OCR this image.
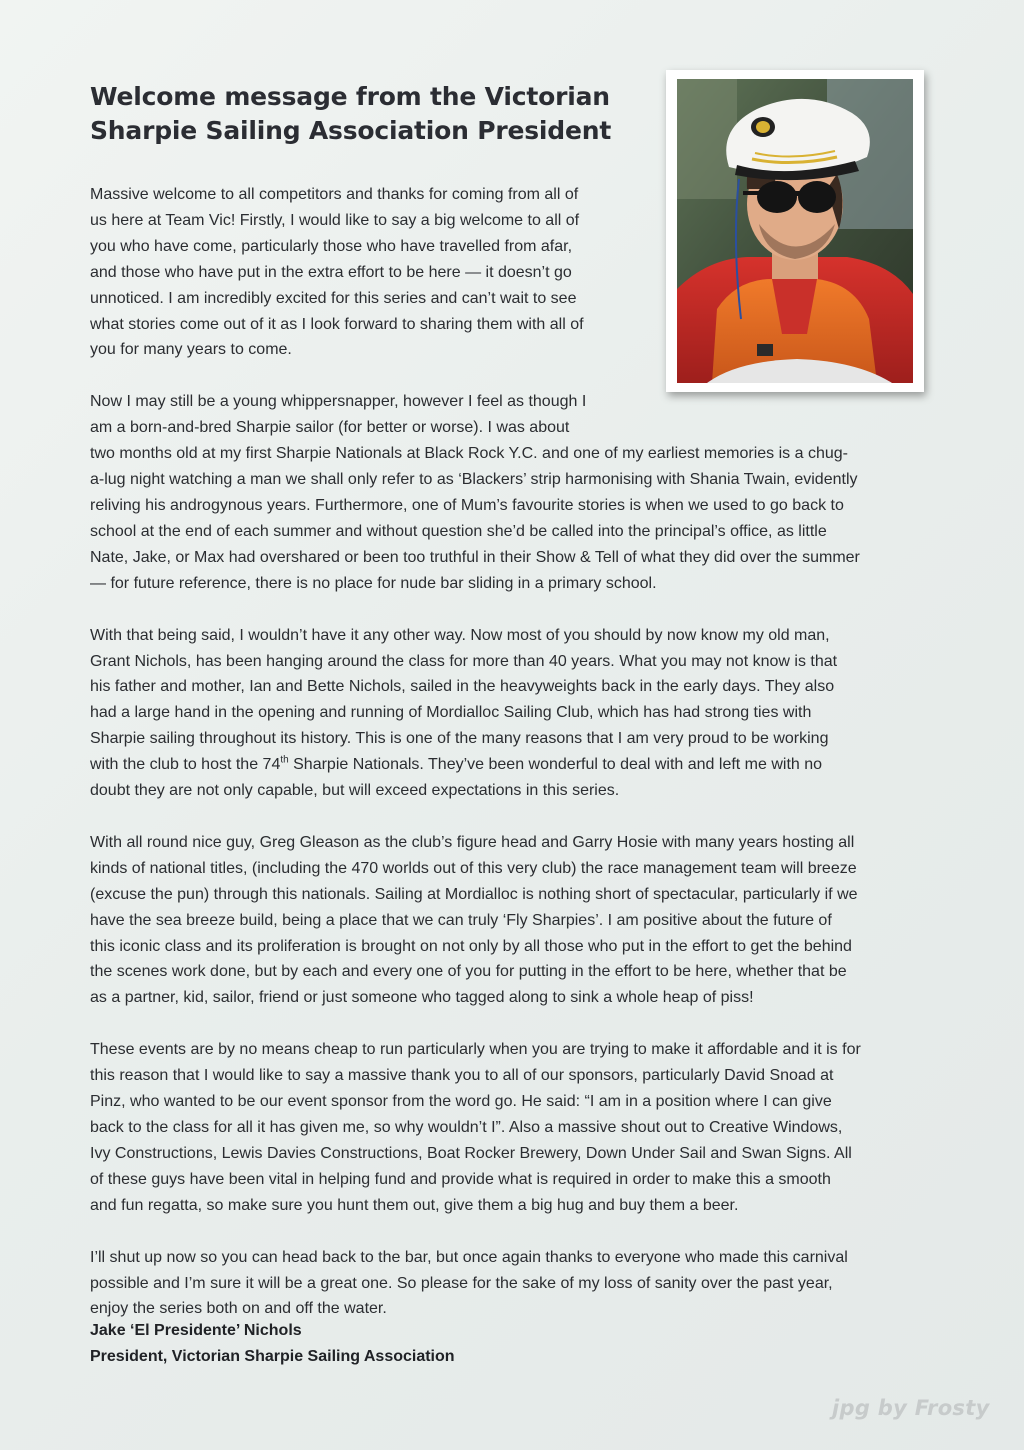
Welcome message from the Victorian
Sharpie Sailing Association President

Massive welcome to all competitors and thanks for coming from all of
us here at Team Vic! Firstly, I would like to say a big welcome to all of
you who have come, particularly those who have travelled from afar,
and those who have put in the extra effort to be here — it doesn’t go
unnoticed. I am incredibly excited for this series and can’t wait to see
what stories come out of it as I look forward to sharing them with all of
you for many years to come.

Now I may still be a young whippersnapper, however I feel as though I
am a born-and-bred Sharpie sailor (for better or worse). I was about
two months old at my first Sharpie Nationals at Black Rock Y.C. and one of my earliest memories is a chug-
a-lug night watching a man we shall only refer to as ‘Blackers’ strip harmonising with Shania Twain, evidently
reliving his androgynous years. Furthermore, one of Mum’s favourite stories is when we used to go back to
school at the end of each summer and without question she’d be called into the principal’s office, as little
Nate, Jake, or Max had overshared or been too truthful in their Show & Tell of what they did over the summer
— for future reference, there is no place for nude bar sliding in a primary school.

With that being said, I wouldn’t have it any other way. Now most of you should by now know my old man,
Grant Nichols, has been hanging around the class for more than 40 years. What you may not know is that
his father and mother, Ian and Bette Nichols, sailed in the heavyweights back in the early days. They also
had a large hand in the opening and running of Mordialloc Sailing Club, which has had strong ties with
Sharpie sailing throughout its history. This is one of the many reasons that I am very proud to be working
with the club to host the 74th Sharpie Nationals. They’ve been wonderful to deal with and left me with no
doubt they are not only capable, but will exceed expectations in this series.

With all round nice guy, Greg Gleason as the club’s figure head and Garry Hosie with many years hosting all
kinds of national titles, (including the 470 worlds out of this very club) the race management team will breeze
(excuse the pun) through this nationals. Sailing at Mordialloc is nothing short of spectacular, particularly if we
have the sea breeze build, being a place that we can truly ‘Fly Sharpies’. I am positive about the future of
this iconic class and its proliferation is brought on not only by all those who put in the effort to get the behind
the scenes work done, but by each and every one of you for putting in the effort to be here, whether that be
as a partner, kid, sailor, friend or just someone who tagged along to sink a whole heap of piss!

These events are by no means cheap to run particularly when you are trying to make it affordable and it is for
this reason that I would like to say a massive thank you to all of our sponsors, particularly David Snoad at
Pinz, who wanted to be our event sponsor from the word go. He said: “I am in a position where I can give
back to the class for all it has given me, so why wouldn’t I”. Also a massive shout out to Creative Windows,
Ivy Constructions, Lewis Davies Constructions, Boat Rocker Brewery, Down Under Sail and Swan Signs. All
of these guys have been vital in helping fund and provide what is required in order to make this a smooth
and fun regatta, so make sure you hunt them out, give them a big hug and buy them a beer.

I’ll shut up now so you can head back to the bar, but once again thanks to everyone who made this carnival
possible and I’m sure it will be a great one. So please for the sake of my loss of sanity over the past year,
enjoy the series both on and off the water.

Jake ‘El Presidente’ Nichols
President, Victorian Sharpie Sailing Association
jpg by Frosty
